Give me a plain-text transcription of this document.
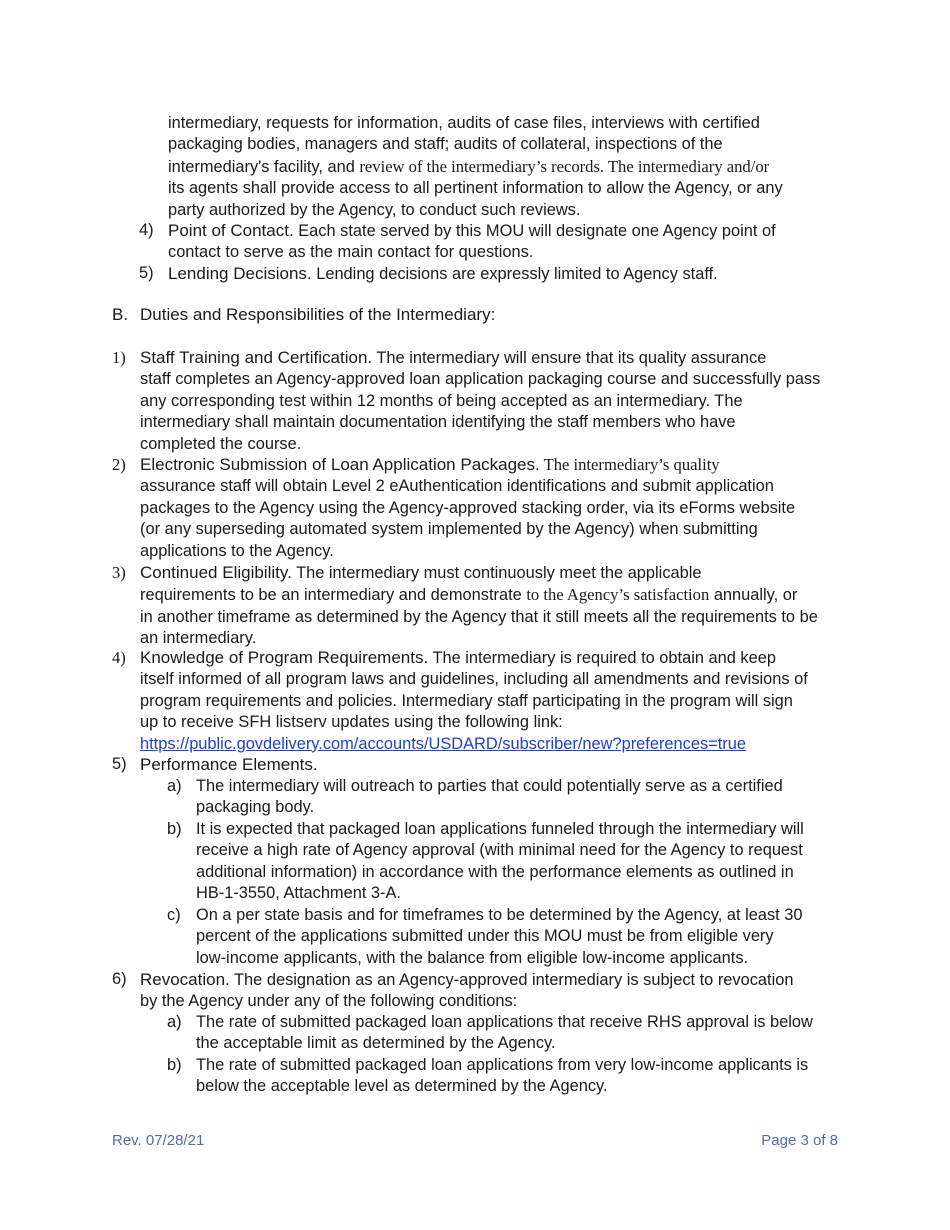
intermediary, requests for information, audits of case files, interviews with certified
packaging bodies, managers and staff; audits of collateral, inspections of the
intermediary's facility, and review of the intermediary’s records. The intermediary and/or
its agents shall provide access to all pertinent information to allow the Agency, or any
party authorized by the Agency, to conduct such reviews.
4) Point of Contact. Each state served by this MOU will designate one Agency point of
contact to serve as the main contact for questions.
5) Lending Decisions. Lending decisions are expressly limited to Agency staff.
B. Duties and Responsibilities of the Intermediary:
1) Staff Training and Certification. The intermediary will ensure that its quality assurance
staff completes an Agency-approved loan application packaging course and successfully pass
any corresponding test within 12 months of being accepted as an intermediary. The
intermediary shall maintain documentation identifying the staff members who have
completed the course.
2) Electronic Submission of Loan Application Packages. The intermediary’s quality
assurance staff will obtain Level 2 eAuthentication identifications and submit application
packages to the Agency using the Agency-approved stacking order, via its eForms website
(or any superseding automated system implemented by the Agency) when submitting
applications to the Agency.
3) Continued Eligibility. The intermediary must continuously meet the applicable
requirements to be an intermediary and demonstrate to the Agency’s satisfaction annually, or
in another timeframe as determined by the Agency that it still meets all the requirements to be
an intermediary.
4) Knowledge of Program Requirements. The intermediary is required to obtain and keep
itself informed of all program laws and guidelines, including all amendments and revisions of
program requirements and policies. Intermediary staff participating in the program will sign
up to receive SFH listserv updates using the following link:
https://public.govdelivery.com/accounts/USDARD/subscriber/new?preferences=true
5) Performance Elements.
a) The intermediary will outreach to parties that could potentially serve as a certified
packaging body.
b) It is expected that packaged loan applications funneled through the intermediary will
receive a high rate of Agency approval (with minimal need for the Agency to request
additional information) in accordance with the performance elements as outlined in
HB-1-3550, Attachment 3-A.
c) On a per state basis and for timeframes to be determined by the Agency, at least 30
percent of the applications submitted under this MOU must be from eligible very
low-income applicants, with the balance from eligible low-income applicants.
6) Revocation. The designation as an Agency-approved intermediary is subject to revocation
by the Agency under any of the following conditions:
a) The rate of submitted packaged loan applications that receive RHS approval is below
the acceptable limit as determined by the Agency.
b) The rate of submitted packaged loan applications from very low-income applicants is
below the acceptable level as determined by the Agency.
Rev. 07/28/21	Page 3 of 8
